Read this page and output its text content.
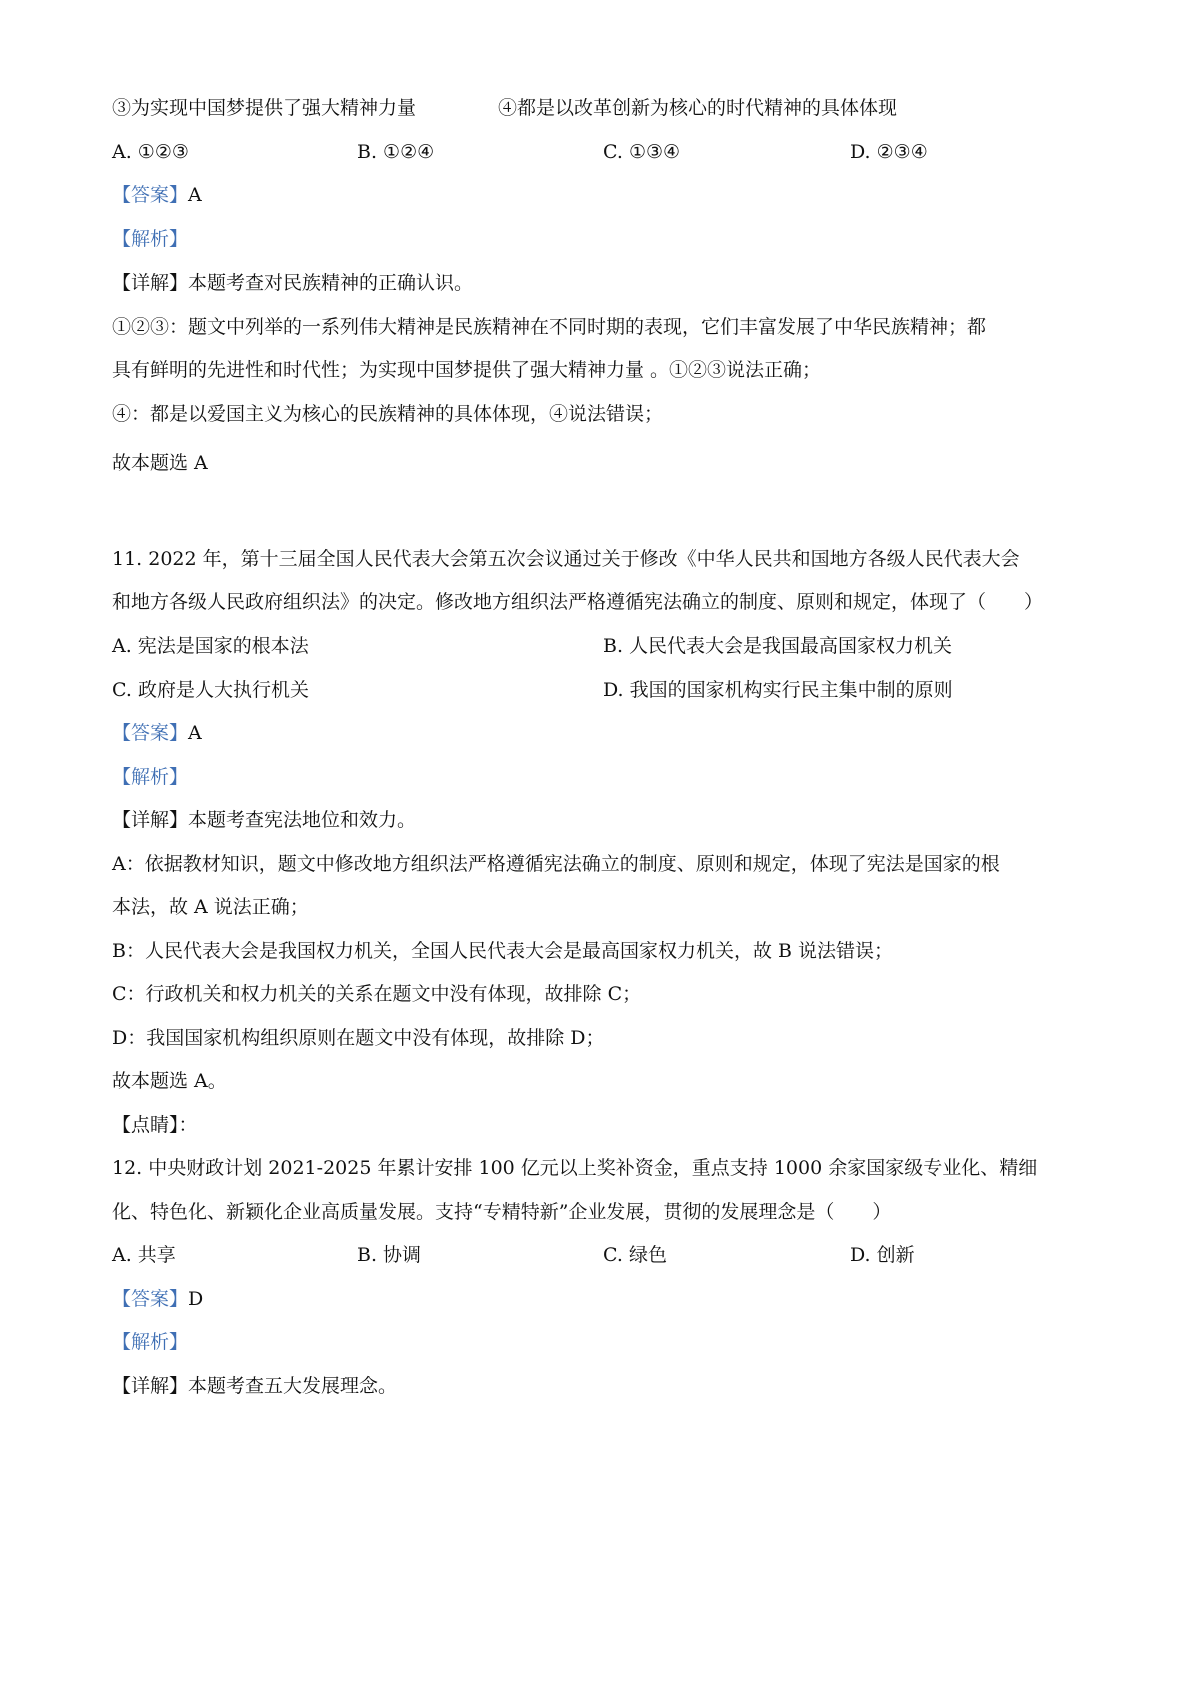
③为实现中国梦提供了强大精神力量	④都是以改革创新为核心的时代精神的具体体现
A. ①②③	B. ①②④	C. ①③④	D. ②③④
【答案】A
【解析】
【详解】本题考查对民族精神的正确认识。
①②③：题文中列举的一系列伟大精神是民族精神在不同时期的表现，它们丰富发展了中华民族精神；都
具有鲜明的先进性和时代性；为实现中国梦提供了强大精神力量 。①②③说法正确；
④：都是以爱国主义为核心的民族精神的具体体现，④说法错误；
故本题选 A
11. 2022 年，第十三届全国人民代表大会第五次会议通过关于修改《中华人民共和国地方各级人民代表大会
和地方各级人民政府组织法》的决定。修改地方组织法严格遵循宪法确立的制度、原则和规定，体现了（　　）
A. 宪法是国家的根本法	B. 人民代表大会是我国最高国家权力机关
C. 政府是人大执行机关	D. 我国的国家机构实行民主集中制的原则
【答案】A
【解析】
【详解】本题考查宪法地位和效力。
A：依据教材知识，题文中修改地方组织法严格遵循宪法确立的制度、原则和规定，体现了宪法是国家的根
本法，故 A 说法正确；
B：人民代表大会是我国权力机关，全国人民代表大会是最高国家权力机关，故 B 说法错误；
C：行政机关和权力机关的关系在题文中没有体现，故排除 C；
D：我国国家机构组织原则在题文中没有体现，故排除 D；
故本题选 A。
【点睛】：
12. 中央财政计划 2021-2025 年累计安排 100 亿元以上奖补资金，重点支持 1000 余家国家级专业化、精细
化、特色化、新颖化企业高质量发展。支持“专精特新”企业发展，贯彻的发展理念是（　　）
A. 共享	B. 协调	C. 绿色	D. 创新
【答案】D
【解析】
【详解】本题考查五大发展理念。
